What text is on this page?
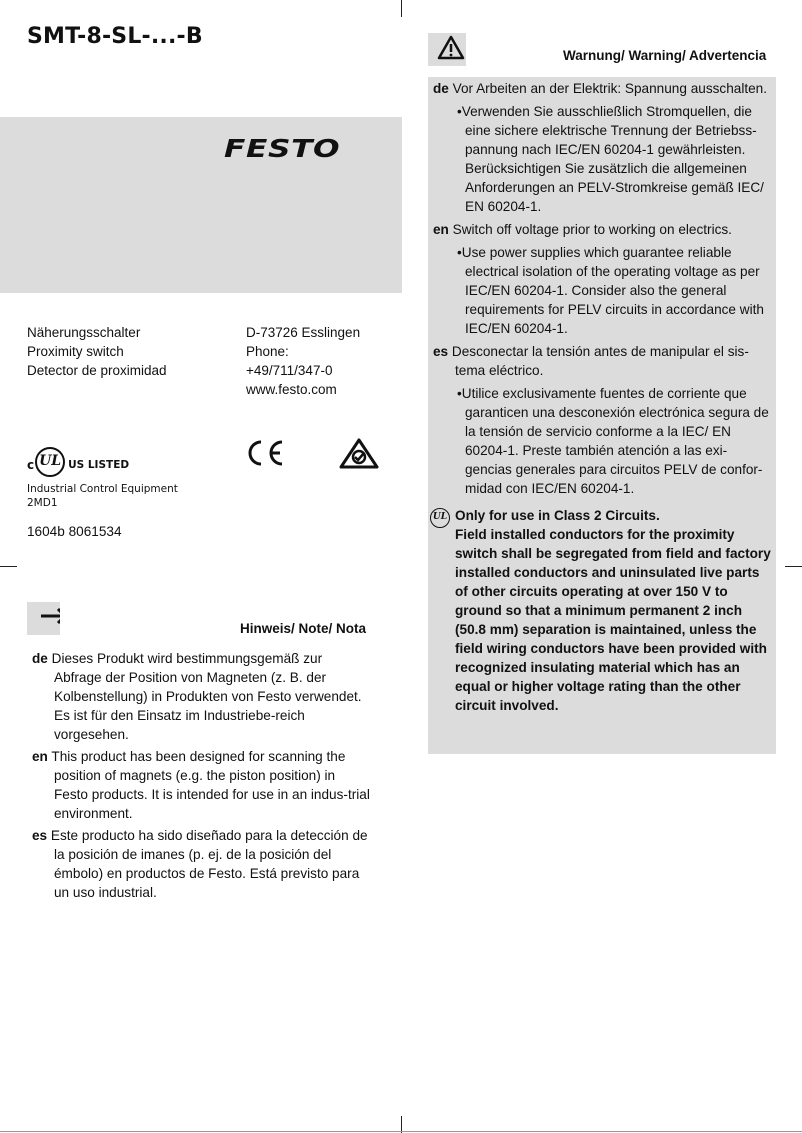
SMT-8-SL-...-B
FESTO
Näherungsschalter
Proximity switch
Detector de proximidad
D-73726 Esslingen
Phone:
+49/711/347-0
www.festo.com
c UL US LISTED
Industrial Control Equipment
2MD1
1604b 8061534
Hinweis/ Note/ Nota
de Dieses Produkt wird bestimmungsgemäß zur Abfrage der Position von Magneten (z. B. der Kolbenstellung) in Produkten von Festo verwendet. Es ist für den Einsatz im Industriebe-reich vorgesehen.
en This product has been designed for scanning the position of magnets (e.g. the piston position) in Festo products. It is intended for use in an indus-trial environment.
es Este producto ha sido diseñado para la detección de la posición de imanes (p. ej. de la posición del émbolo) en productos de Festo. Está previsto para un uso industrial.
Warnung/ Warning/ Advertencia
de Vor Arbeiten an der Elektrik: Spannung ausschalten.
•Verwenden Sie ausschließlich Stromquellen, die eine sichere elektrische Trennung der Betriebss-pannung nach IEC/EN 60204-1 gewährleisten. Berücksichtigen Sie zusätzlich die allgemeinen Anforderungen an PELV-Stromkreise gemäß IEC/ EN 60204-1.
en Switch off voltage prior to working on electrics.
•Use power supplies which guarantee reliable electrical isolation of the operating voltage as per IEC/EN 60204-1. Consider also the general requirements for PELV circuits in accordance with IEC/EN 60204-1.
es Desconectar la tensión antes de manipular el sis-tema eléctrico.
•Utilice exclusivamente fuentes de corriente que garanticen una desconexión electrónica segura de la tensión de servicio conforme a la IEC/ EN 60204-1. Preste también atención a las exi-gencias generales para circuitos PELV de confor-midad con IEC/EN 60204-1.
UL Only for use in Class 2 Circuits.
Field installed conductors for the proximity switch shall be segregated from field and factory installed conductors and uninsulated live parts of other circuits operating at over 150 V to ground so that a minimum permanent 2 inch (50.8 mm) separation is maintained, unless the field wiring conductors have been provided with recognized insulating material which has an equal or higher voltage rating than the other circuit involved.
